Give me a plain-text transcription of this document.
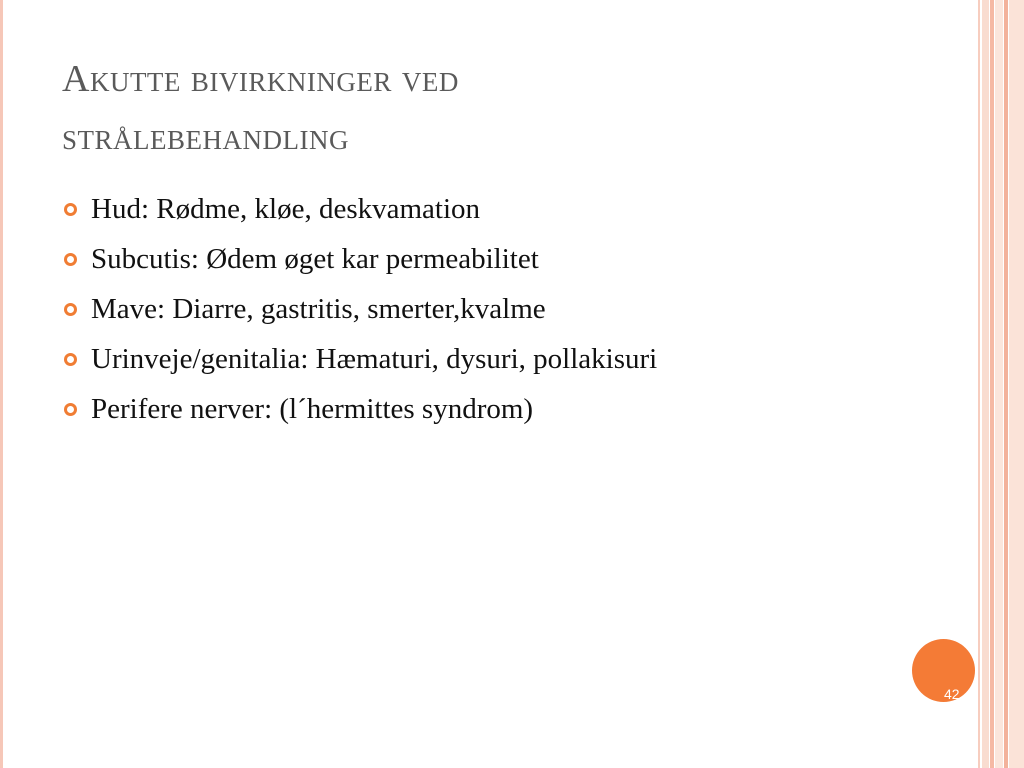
Akutte bivirkninger ved
strålebehandling
Hud: Rødme, kløe, deskvamation
Subcutis: Ødem øget kar permeabilitet
Mave: Diarre, gastritis, smerter,kvalme
Urinveje/genitalia: Hæmaturi, dysuri, pollakisuri
Perifere nerver: (l´hermittes syndrom)
42
